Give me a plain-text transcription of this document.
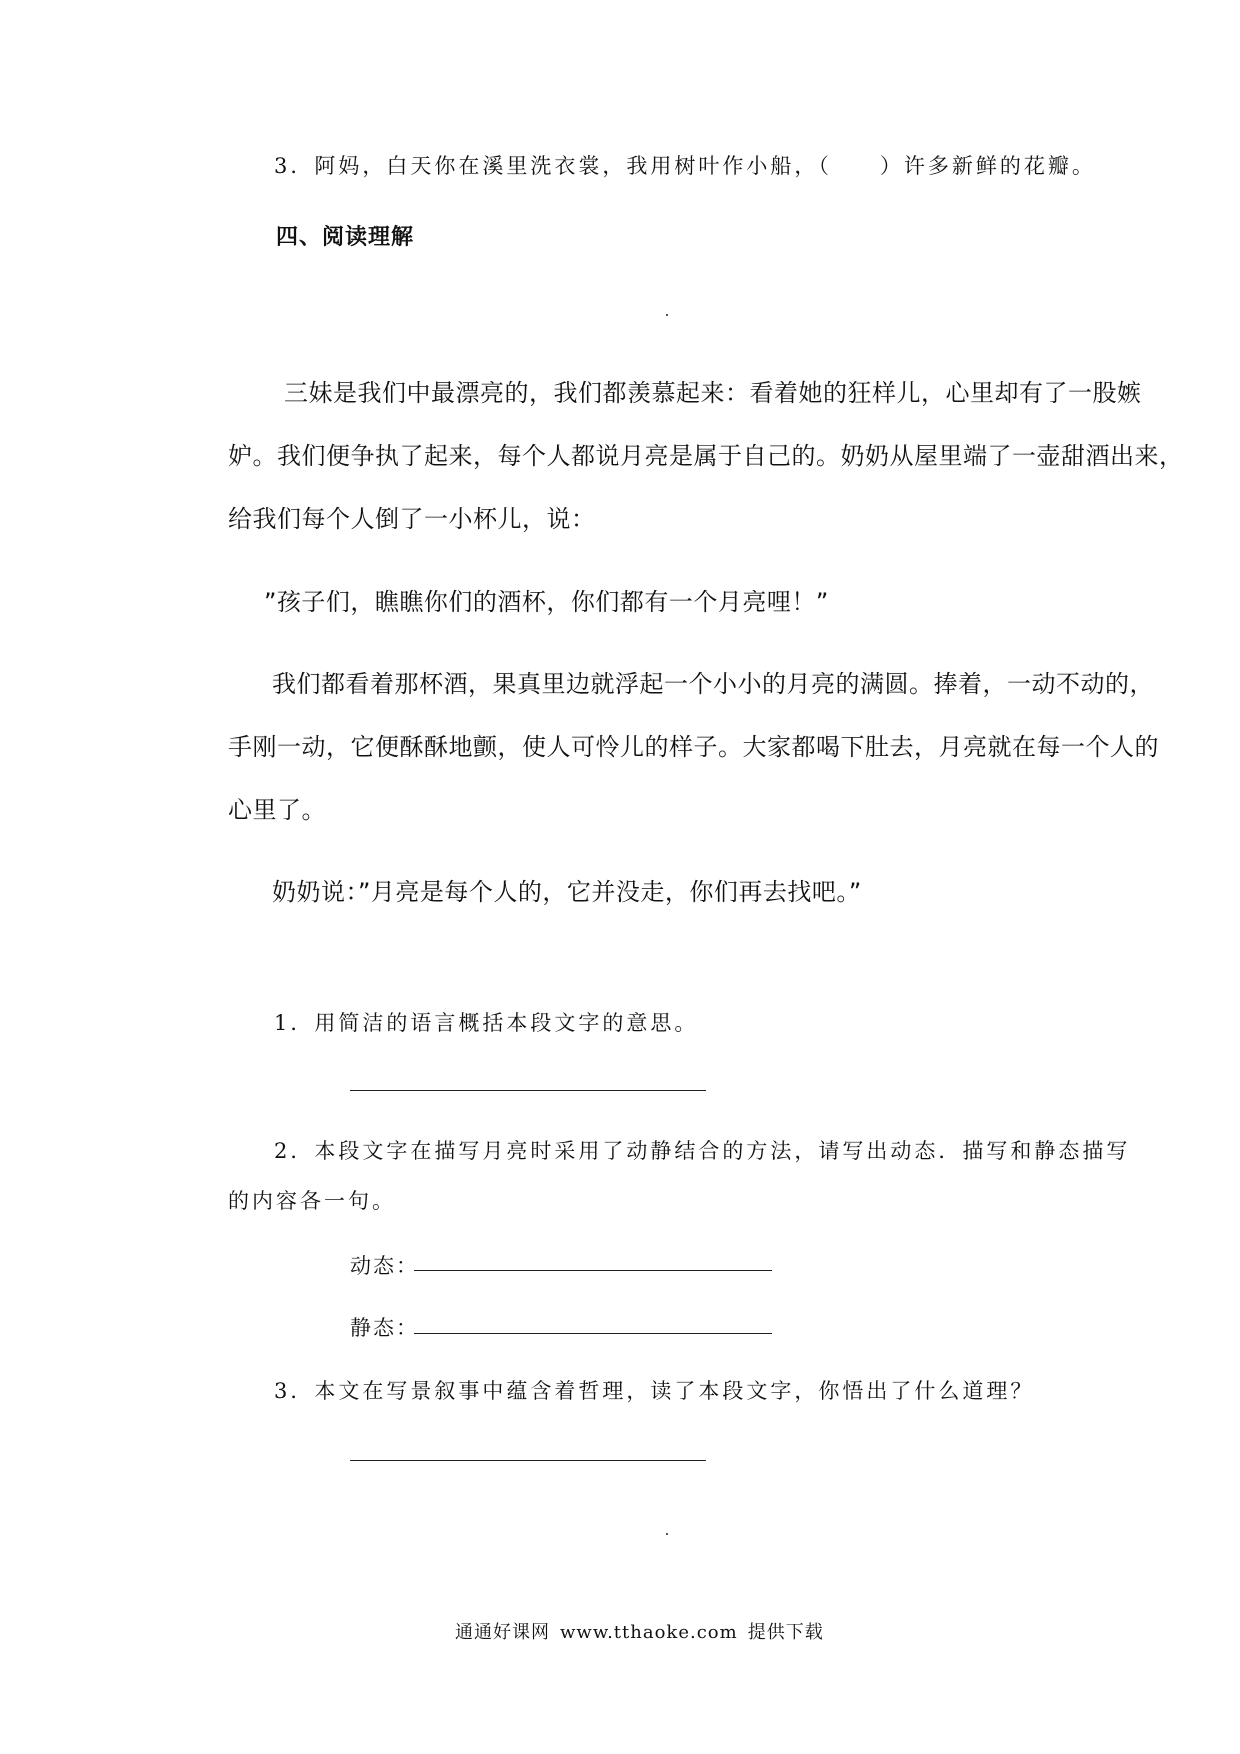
3．阿妈，白天你在溪里洗衣裳，我用树叶作小船，（　　）许多新鲜的花瓣。
四、阅读理解
三妹是我们中最漂亮的，我们都羡慕起来：看着她的狂样儿，心里却有了一股嫉
妒。我们便争执了起来，每个人都说月亮是属于自己的。奶奶从屋里端了一壶甜酒出来，
给我们每个人倒了一小杯儿，说：
”孩子们，瞧瞧你们的酒杯，你们都有一个月亮哩！”
我们都看着那杯酒，果真里边就浮起一个小小的月亮的满圆。捧着，一动不动的，
手刚一动，它便酥酥地颤，使人可怜儿的样子。大家都喝下肚去，月亮就在每一个人的
心里了。
奶奶说：”月亮是每个人的，它并没走，你们再去找吧。”
1．用简洁的语言概括本段文字的意思。
2．本段文字在描写月亮时采用了动静结合的方法，请写出动态．描写和静态描写
的内容各一句。
动态：
静态：
3．本文在写景叙事中蕴含着哲理，读了本段文字，你悟出了什么道理？
通通好课网 www.tthaoke.com 提供下载
